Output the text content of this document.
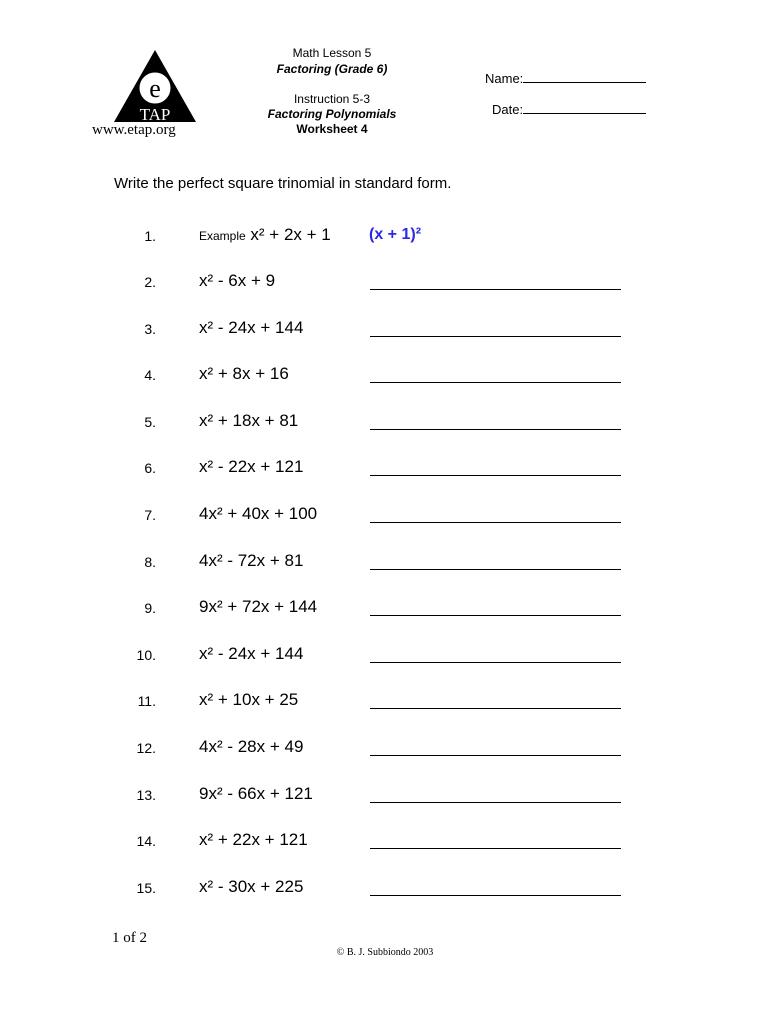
e
TAP
www.etap.org
Math Lesson 5
Factoring (Grade 6)
Instruction 5-3
Factoring Polynomials
Worksheet 4
Name:
Date:
Write the perfect square trinomial in standard form.
1.	Example x² + 2x + 1 (x + 1)²
2.	x² - 6x + 9
3.	x² - 24x + 144
4.	x² + 8x + 16
5.	x² + 18x + 81
6.	x² - 22x + 121
7.	4x² + 40x + 100
8.	4x² - 72x + 81
9.	9x² + 72x + 144
10.	x² - 24x + 144
11.	x² + 10x + 25
12.	4x² - 28x + 49
13.	9x² - 66x + 121
14.	x² + 22x + 121
15.	x² - 30x + 225
1 of 2
© B. J. Subbiondo 2003
